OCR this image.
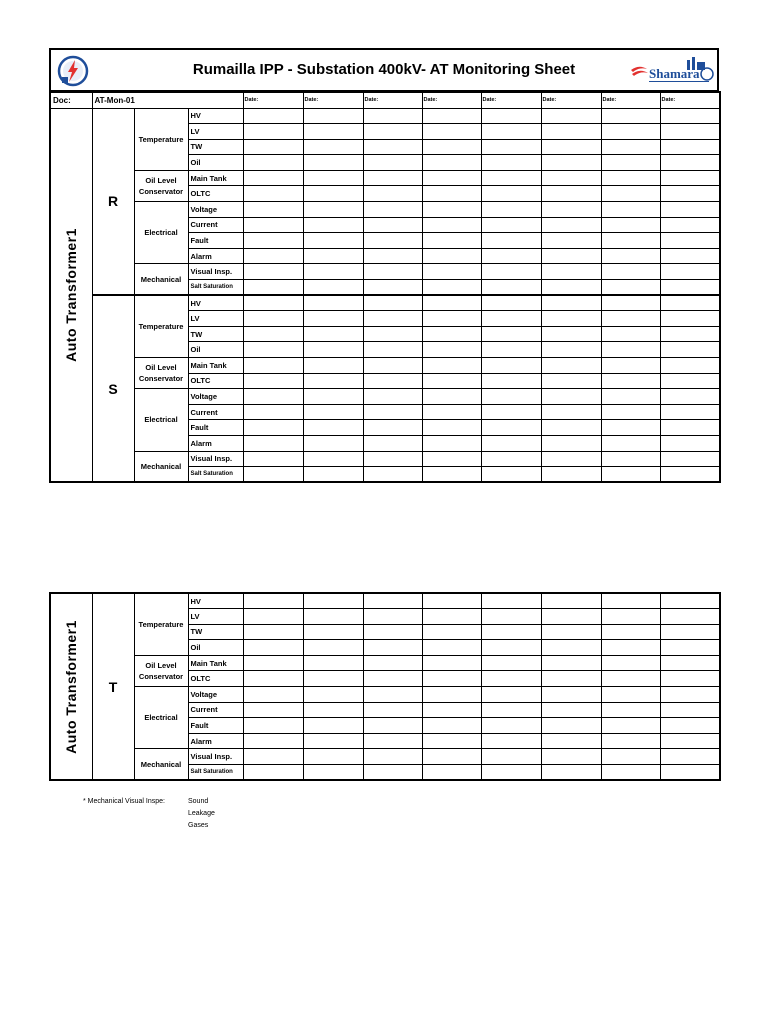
Rumailla IPP - Substation 400kV- AT Monitoring Sheet	Shamara
Doc:	AT-Mon-01			Date:	Date:	Date:	Date:	Date:	Date:	Date:	Date:

Auto Transformer1	R	Temperature	HV								
			LV								
			TW								
			Oil								
		Oil Level Conservator	Main Tank								
			OLTC								
		Electrical	Voltage								
			Current								
			Fault								
			Alarm								
		Mechanical	Visual Insp.								
			Salt Saturation								
	S	Temperature	HV								
			LV								
			TW								
			Oil								
		Oil Level Conservator	Main Tank								
			OLTC								
		Electrical	Voltage								
			Current								
			Fault								
			Alarm								
		Mechanical	Visual Insp.								
			Salt Saturation								
Auto Transformer1	T	Temperature	HV								
			LV								
			TW								
			Oil								
		Oil Level Conservator	Main Tank								
			OLTC								
		Electrical	Voltage								
			Current								
			Fault								
			Alarm								
		Mechanical	Visual Insp.								
			Salt Saturation								
* Mechanical Visual Inspe:	Sound
Leakage
Gases
